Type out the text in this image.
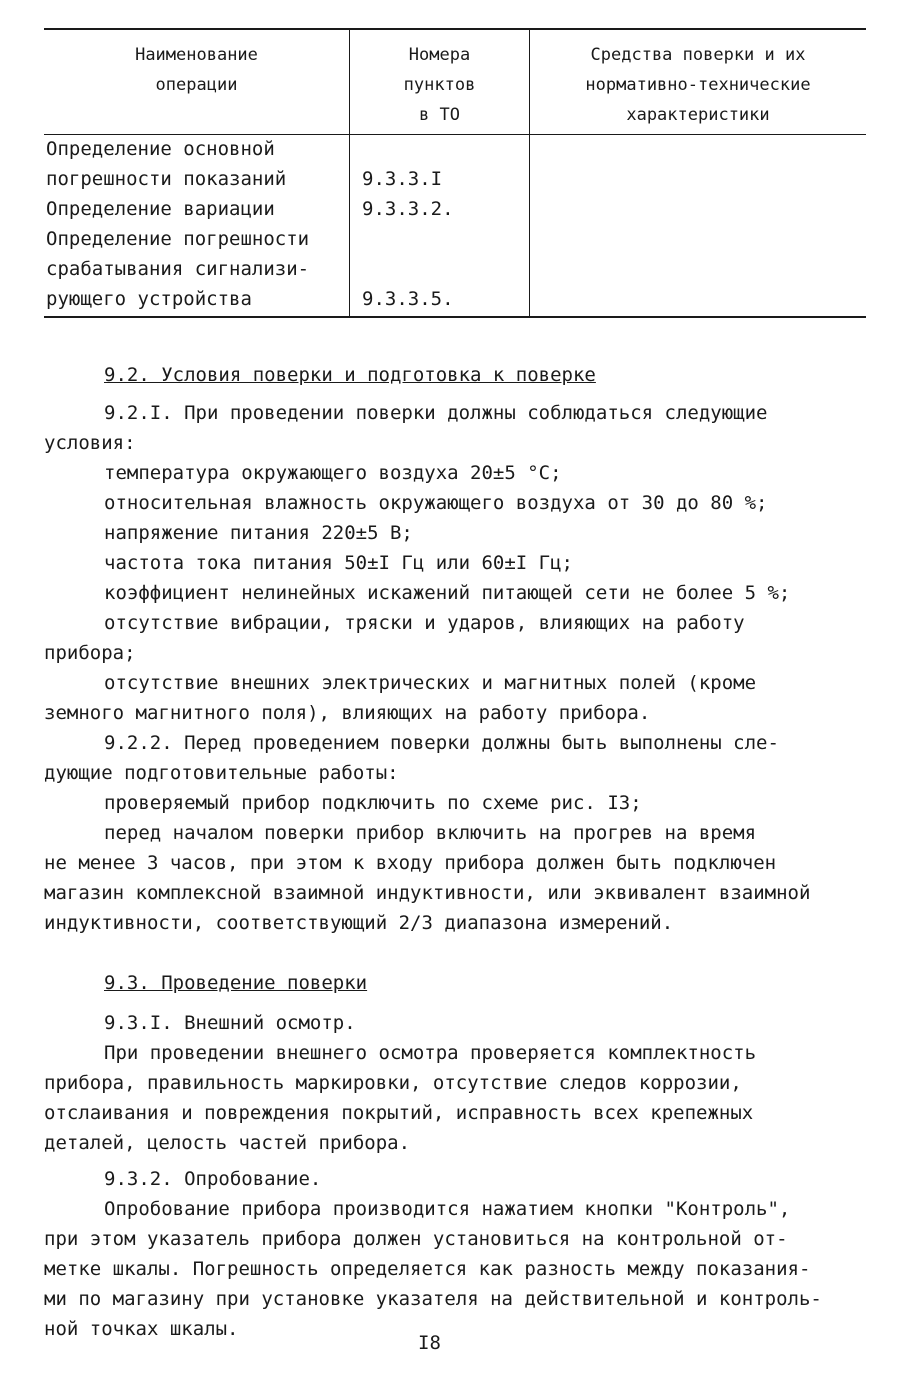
Наименование
операции
Номера
пунктов
в ТО
Средства поверки и их
нормативно-технические
характеристики
Определение основной
погрешности показаний
Определение вариации
Определение погрешности
срабатывания сигнализи-
рующего устройства
9.3.3.I
9.3.3.2.
9.3.3.5.
9.2. Условия поверки и подготовка к поверке
9.2.I. При проведении поверки должны соблюдаться следующие
условия:
температура окружающего воздуха 20±5 °С;
относительная влажность окружающего воздуха от 30 до 80 %;
напряжение питания 220±5 В;
частота тока питания 50±I Гц или 60±I Гц;
коэффициент нелинейных искажений питающей сети не более 5 %;
отсутствие вибрации, тряски и ударов, влияющих на работу
прибора;
отсутствие внешних электрических и магнитных полей (кроме
земного магнитного поля), влияющих на работу прибора.
9.2.2. Перед проведением поверки должны быть выполнены сле-
дующие подготовительные работы:
проверяемый прибор подключить по схеме рис. I3;
перед началом поверки прибор включить на прогрев на время
не менее 3 часов, при этом к входу прибора должен быть подключен
магазин комплексной взаимной индуктивности, или эквивалент взаимной
индуктивности, соответствующий 2/3 диапазона измерений.
9.3. Проведение поверки
9.3.I. Внешний осмотр.
При проведении внешнего осмотра проверяется комплектность
прибора, правильность маркировки, отсутствие следов коррозии,
отслаивания и повреждения покрытий, исправность всех крепежных
деталей, целость частей прибора.
9.3.2. Опробование.
Опробование прибора производится нажатием кнопки "Контроль",
при этом указатель прибора должен установиться на контрольной от-
метке шкалы. Погрешность определяется как разность между показания-
ми по магазину при установке указателя на действительной и контроль-
ной точках шкалы.
I8
